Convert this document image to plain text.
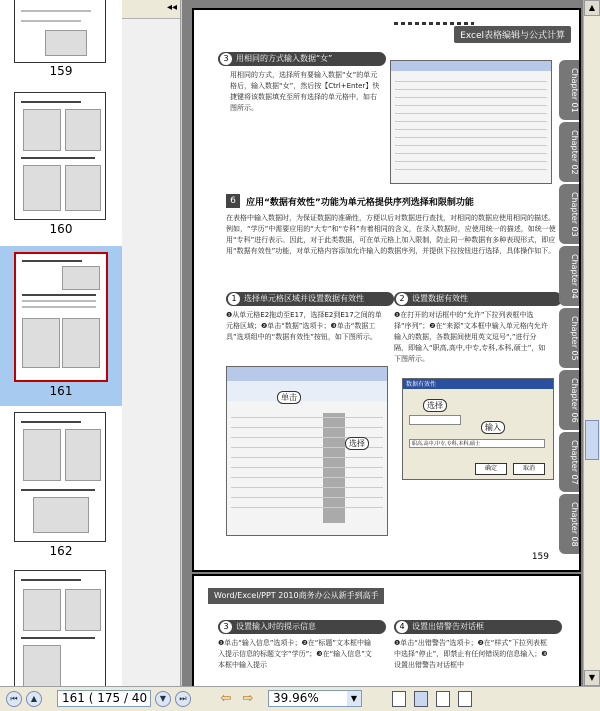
159
160
161
162
◂◂
Excel表格编辑与公式计算
3 用相同的方式输入数据“女”
用相同的方式，选择所有要输入数据“女”的单元格后，输入数据“女”，然后按【Ctrl+Enter】快捷键将该数据填充至所有选择的单元格中，如右图所示。
6	应用“数据有效性”功能为单元格提供序列选择和限制功能
在表格中输入数据时，为保证数据的准确性，方便以后对数据进行查找，对相同的数据应使用相同的描述。例如，“学历”中需要应用的“大专”和“专科”有着相同的含义，在录入数据时，应使用统一的描述，如统一使用“专科”进行表示。因此，对于此类数据，可在单元格上加入限制，防止同一种数据有多种表现形式，即应用“数据有效性”功能，对单元格内容添加允许输入的数据序列，并提供下拉按钮进行选择，具体操作如下。
1 选择单元格区域并设置数据有效性
❶从单元格E2拖动至E17，选择E2到E17之间的单元格区域；❷单击“数据”选项卡；❸单击“数据工具”选项组中的“数据有效性”按钮，如下图所示。
2 设置数据有效性
❶在打开的对话框中的“允许”下拉列表框中选择“序列”；❷在“来源”文本框中输入单元格内允许输入的数据，各数据间使用英文逗号“,”进行分隔，即输入“职高,高中,中专,专科,本科,硕士”，如下图所示。
单击
选择
数据有效性
职高,高中,中专,专科,本科,硕士
选择
输入
确定	取消
Chapter 01
Chapter 02
Chapter 03
Chapter 04
Chapter 05
Chapter 06
Chapter 07
Chapter 08
159
Word/Excel/PPT 2010商务办公从新手到高手
3 设置输入时的提示信息
❶单击“输入信息”选项卡；❷在“标题”文本框中输入提示信息的标题文字“学历”；❸在“输入信息”文本框中输入提示
4 设置出错警告对话框
❶单击“出错警告”选项卡；❷在“样式”下拉列表框中选择“停止”，即禁止有任何错误的信息输入；❸设置出错警告对话框中
▲
▼
⏮	▲	161 ( 175 / 40	▼	⏭	⇦ ⇨	39.96%	▼
